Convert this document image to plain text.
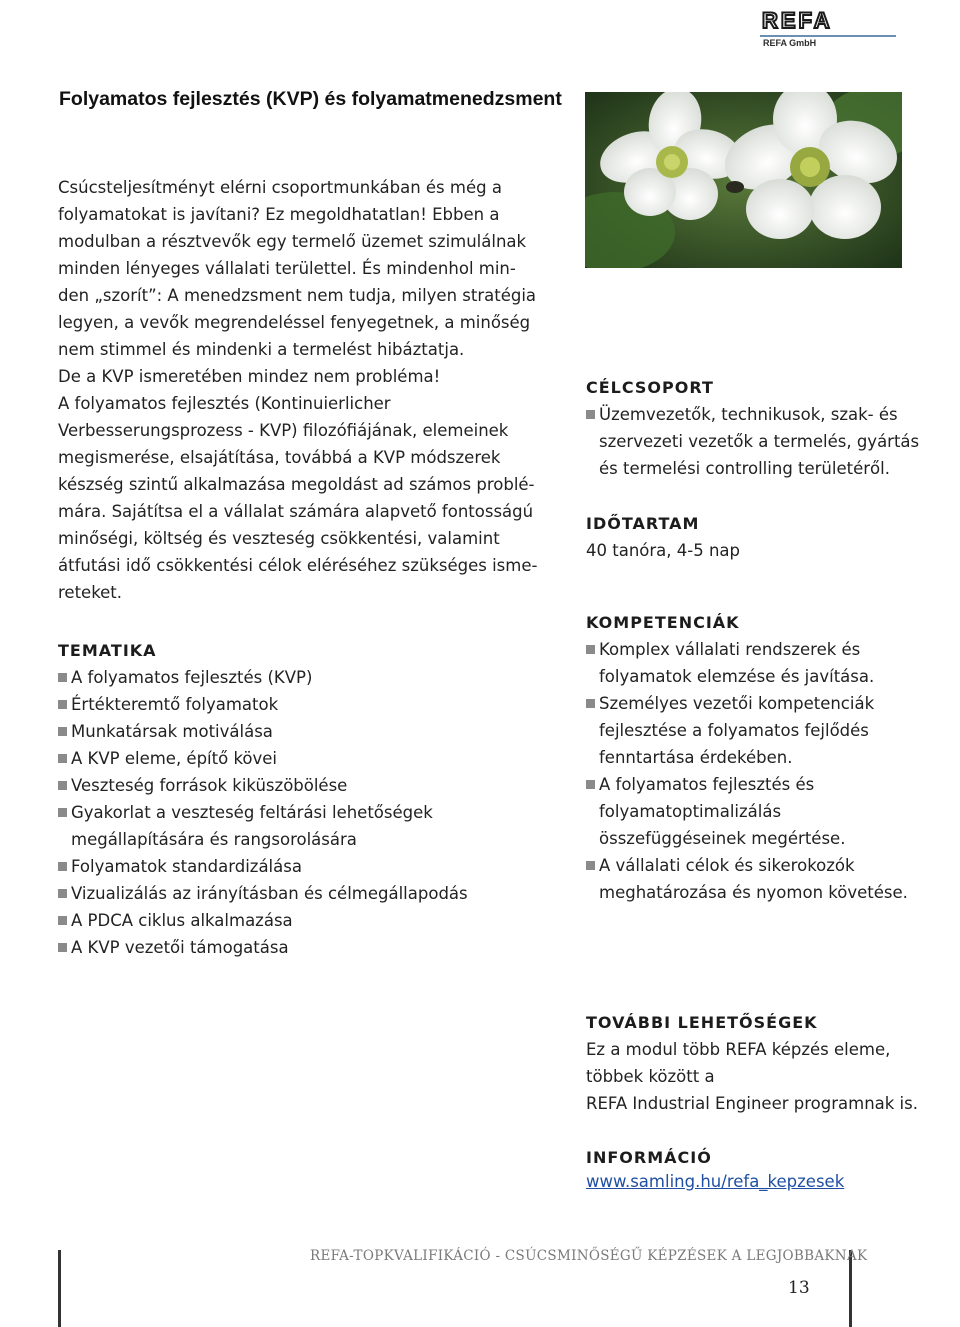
REFA
REFA GmbH
Folyamatos fejlesztés (KVP) és folyamatmenedzsment

Csúcsteljesítményt elérni csoportmunkában és még a

folyamatokat is javítani? Ez megoldhatatlan! Ebben a

modulban a résztvevők egy termelő üzemet szimulálnak

minden lényeges vállalati területtel. És mindenhol min-

den „szorít”: A menedzsment nem tudja, milyen stratégia

legyen, a vevők megrendeléssel fenyegetnek, a minőség

nem stimmel és mindenki a termelést hibáztatja.

De a KVP ismeretében mindez nem probléma!

A folyamatos fejlesztés (Kontinuierlicher

Verbesserungsprozess - KVP) filozófiájának, elemeinek

megismerése, elsajátítása, továbbá a KVP módszerek

készség szintű alkalmazása megoldást ad számos problé-

mára. Sajátítsa el a vállalat számára alapvető fontosságú

minőségi, költség és veszteség csökkentési, valamint

átfutási idő csökkentési célok eléréséhez szükséges isme-

reteket.

TEMATIKA
A folyamatos fejlesztés (KVP)
Értékteremtő folyamatok
Munkatársak motiválása
A KVP eleme, építő kövei
Veszteség források kiküszöbölése
Gyakorlat a veszteség feltárási lehetőségek
megállapítására és rangsorolására
Folyamatok standardizálása
Vizualizálás az irányításban és célmegállapodás
A PDCA ciklus alkalmazása
A KVP vezetői támogatása
CÉLCSOPORT
Üzemvezetők, technikusok, szak- és
szervezeti vezetők a termelés, gyártás
és termelési controlling területéről.
IDŐTARTAM
40 tanóra, 4-5 nap
KOMPETENCIÁK
Komplex vállalati rendszerek és
folyamatok elemzése és javítása.
Személyes vezetői kompetenciák
fejlesztése a folyamatos fejlődés
fenntartása érdekében.
A folyamatos fejlesztés és
folyamatoptimalizálás
összefüggéseinek megértése.
A vállalati célok és sikerokozók
meghatározása és nyomon követése.
TOVÁBBI LEHETŐSÉGEK
Ez a modul több REFA képzés eleme,
többek között a
REFA Industrial Engineer programnak is.
INFORMÁCIÓ
www.samling.hu/refa_kepzesek
REFA-TOPKVALIFIKÁCIÓ - CSÚCSMINŐSÉGŰ KÉPZÉSEK A LEGJOBBAKNAK
13
